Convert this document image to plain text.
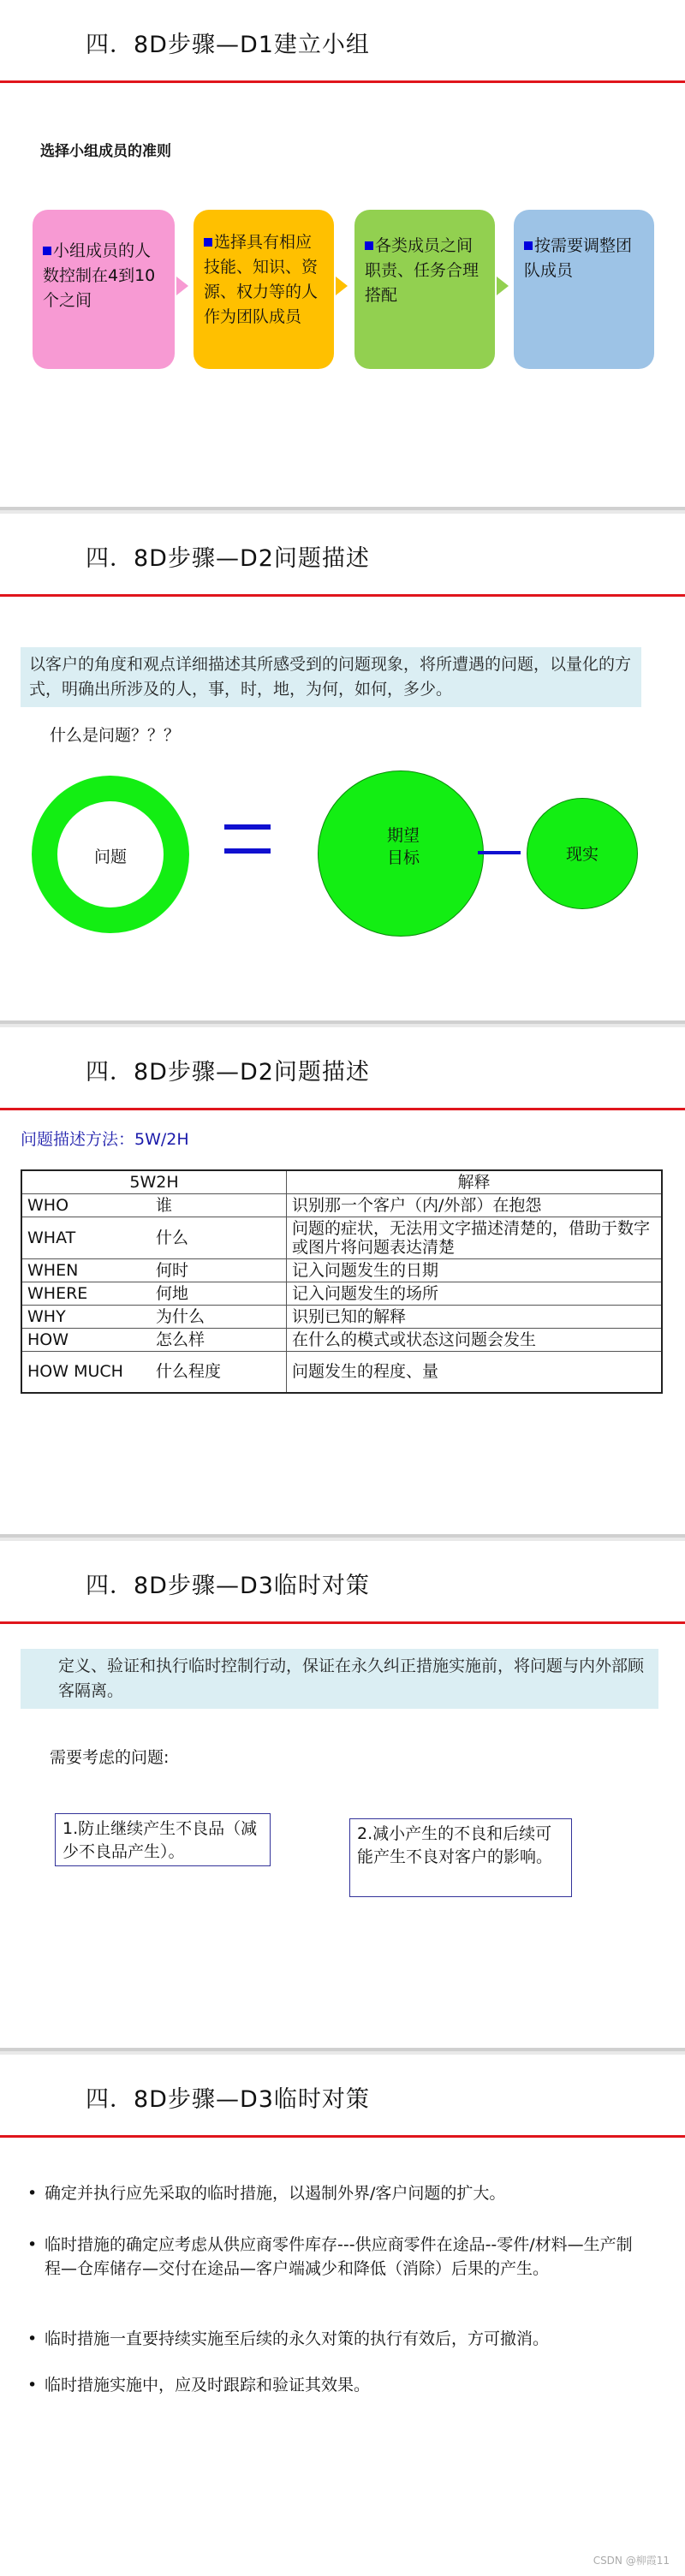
四．8D步骤—D1建立小组
选择小组成员的准则
小组成员的人数控制在4到10个之间
选择具有相应技能、知识、资源、权力等的人作为团队成员
各类成员之间职责、任务合理搭配
按需要调整团队成员
四．8D步骤—D2问题描述
以客户的角度和观点详细描述其所感受到的问题现象，将所遭遇的问题，以量化的方式，明确出所涉及的人，事，时，地，为何，如何，多少。
什么是问题？？？
问题
期望目标	现实
四．8D步骤—D2问题描述
问题描述方法：5W/2H
5W2H	解释
WHO 谁	识别那一个客户（内/外部）在抱怨
WHAT 什么	问题的症状，无法用文字描述清楚的，借助于数字或图片将问题表达清楚
WHEN 何时	记入问题发生的日期
WHERE 何地	记入问题发生的场所
WHY 为什么	识别已知的解释
HOW 怎么样	在什么的模式或状态这问题会发生
HOW MUCH 什么程度	问题发生的程度、量
四．8D步骤—D3临时对策
定义、验证和执行临时控制行动，保证在永久纠正措施实施前，将问题与内外部顾客隔离。
需要考虑的问题:
1.防止继续产生不良品（减少不良品产生）。
2.减小产生的不良和后续可能产生不良对客户的影响。
四．8D步骤—D3临时对策
• 确定并执行应先采取的临时措施，以遏制外界/客户问题的扩大。
• 临时措施的确定应考虑从供应商零件库存---供应商零件在途品--零件/材料—生产制程—仓库储存—交付在途品—客户端减少和降低（消除）后果的产生。
• 临时措施一直要持续实施至后续的永久对策的执行有效后，方可撤消。
• 临时措施实施中，应及时跟踪和验证其效果。
CSDN @柳霞11
